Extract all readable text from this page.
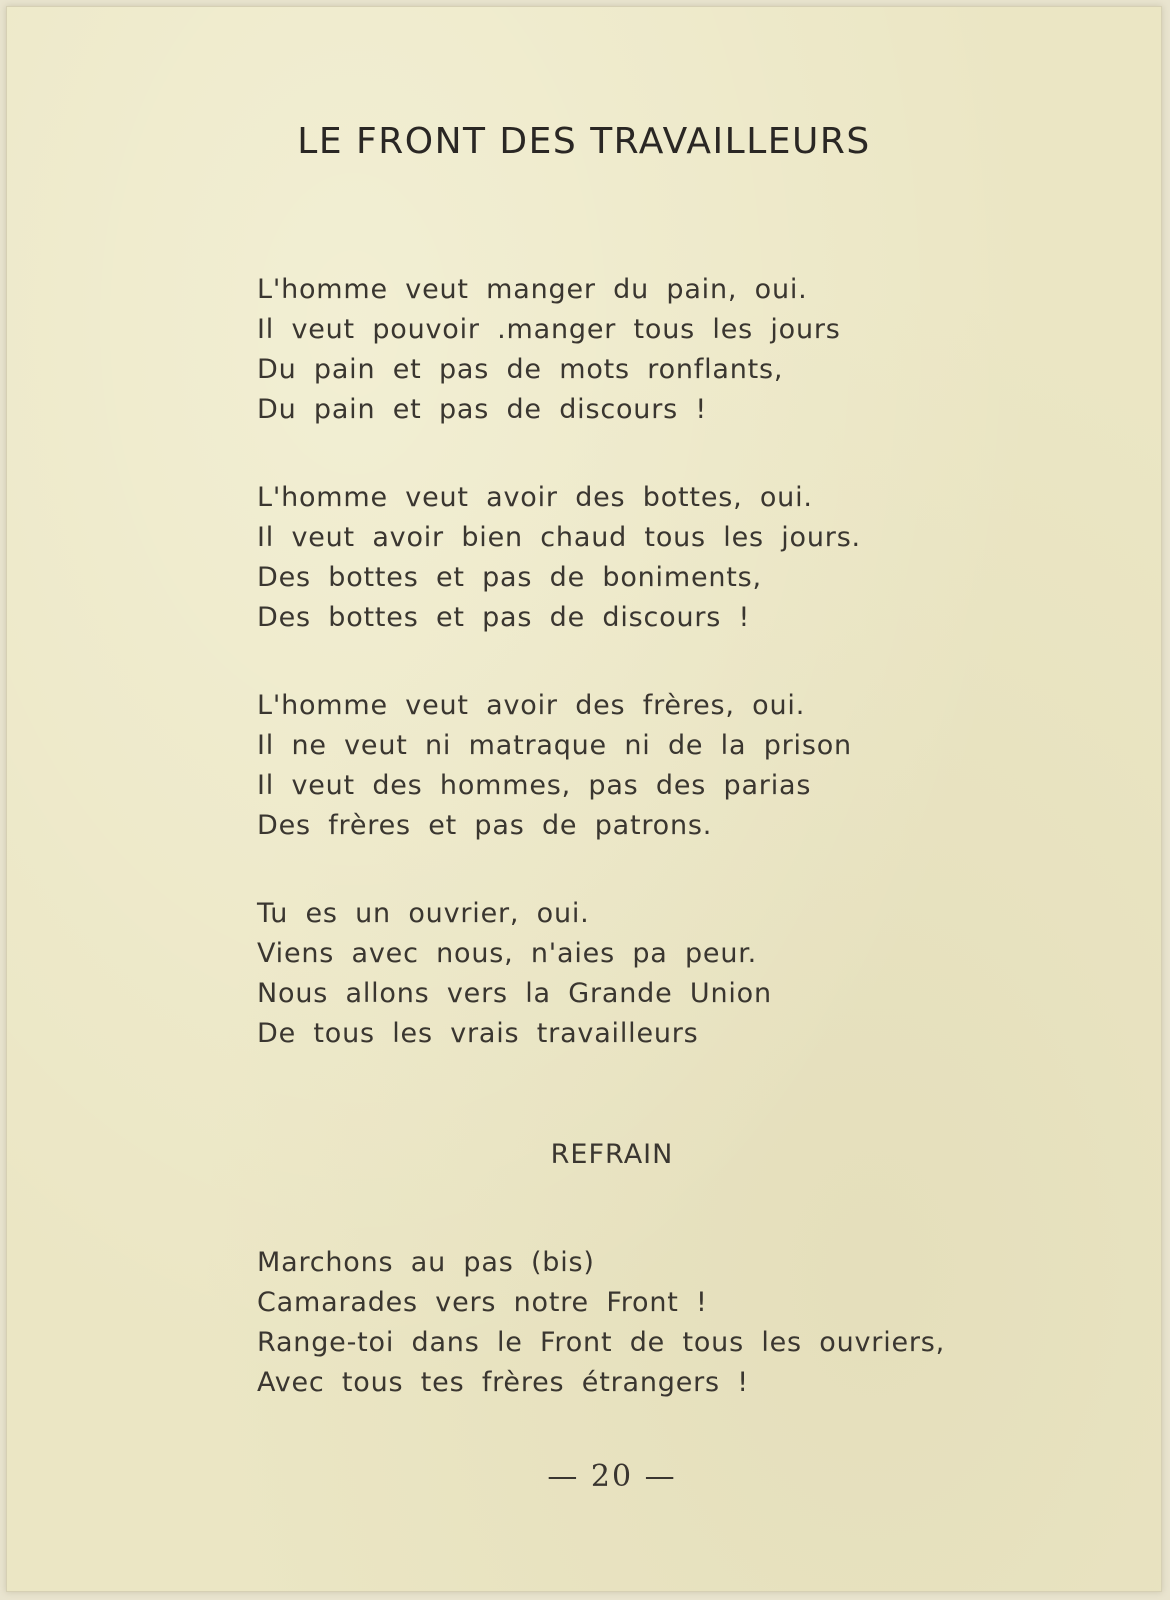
LE FRONT DES TRAVAILLEURS
L'homme veut manger du pain, oui.
Il veut pouvoir .manger tous les jours
Du pain et pas de mots ronflants,
Du pain et pas de discours !
L'homme veut avoir des bottes, oui.
Il veut avoir bien chaud tous les jours.
Des bottes et pas de boniments,
Des bottes et pas de discours !
L'homme veut avoir des frères, oui.
Il ne veut ni matraque ni de la prison
Il veut des hommes, pas des parias
Des frères et pas de patrons.
Tu es un ouvrier, oui.
Viens avec nous, n'aies pa peur.
Nous allons vers la Grande Union
De tous les vrais travailleurs
REFRAIN
Marchons au pas (bis)
Camarades vers notre Front !
Range-toi dans le Front de tous les ouvriers,
Avec tous tes frères étrangers !
— 20 —
